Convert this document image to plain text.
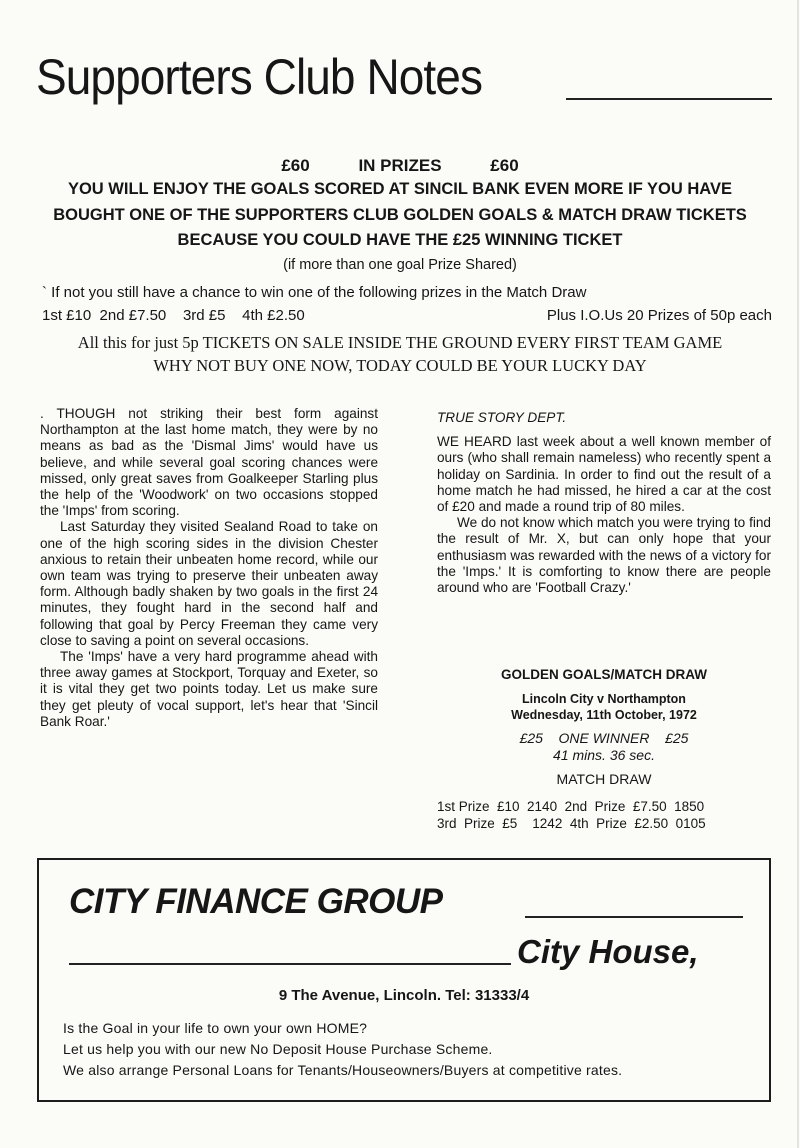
Supporters Club Notes
£60	IN PRIZES	£60
YOU WILL ENJOY THE GOALS SCORED AT SINCIL BANK EVEN MORE IF YOU HAVE
BOUGHT ONE OF THE SUPPORTERS CLUB GOLDEN GOALS & MATCH DRAW TICKETS
BECAUSE YOU COULD HAVE THE £25 WINNING TICKET
(if more than one goal Prize Shared)
` If not you still have a chance to win one of the following prizes in the Match Draw
1st £10  2nd £7.50    3rd £5    4th £2.50	Plus I.O.Us 20 Prizes of 50p each
All this for just 5p TICKETS ON SALE INSIDE THE GROUND EVERY FIRST TEAM GAME
WHY NOT BUY ONE NOW, TODAY COULD BE YOUR LUCKY DAY

. THOUGH not striking their best form against Northampton at the last home match, they were by no means as bad as the 'Dismal Jims' would have us believe, and while several goal scoring chances were missed, only great saves from Goalkeeper Starling plus the help of the 'Woodwork' on two occasions stopped the 'Imps' from scoring.

Last Saturday they visited Sealand Road to take on one of the high scoring sides in the division Chester anxious to retain their unbeaten home record, while our own team was trying to preserve their unbeaten away form. Although badly shaken by two goals in the first 24 minutes, they fought hard in the second half and following that goal by Percy Freeman they came very close to saving a point on several occasions.

The 'Imps' have a very hard programme ahead with three away games at Stockport, Torquay and Exeter, so it is vital they get two points today. Let us make sure they get pleuty of vocal support, let's hear that 'Sincil Bank Roar.'

TRUE STORY DEPT.

WE HEARD last week about a well known member of ours (who shall remain nameless) who recently spent a holiday on Sardinia. In order to find out the result of a home match he had missed, he hired a car at the cost of £20 and made a round trip of 80 miles.

We do not know which match you were trying to find the result of Mr. X, but can only hope that your enthusiasm was rewarded with the news of a victory for the 'Imps.' It is comforting to know there are people around who are 'Football Crazy.'

GOLDEN GOALS/MATCH DRAW
Lincoln City v Northampton
Wednesday, 11th October, 1972
£25    ONE WINNER    £25
41 mins. 36 sec.
MATCH DRAW
1st Prize  £10  2140  2nd  Prize  £7.50  1850
3rd  Prize  £5    1242  4th  Prize  £2.50  0105
CITY FINANCE GROUP
City House,
9 The Avenue, Lincoln. Tel: 31333/4
Is the Goal in your life to own your own HOME?
Let us help you with our new No Deposit House Purchase Scheme.
We also arrange Personal Loans for Tenants/Houseowners/Buyers at competitive rates.
